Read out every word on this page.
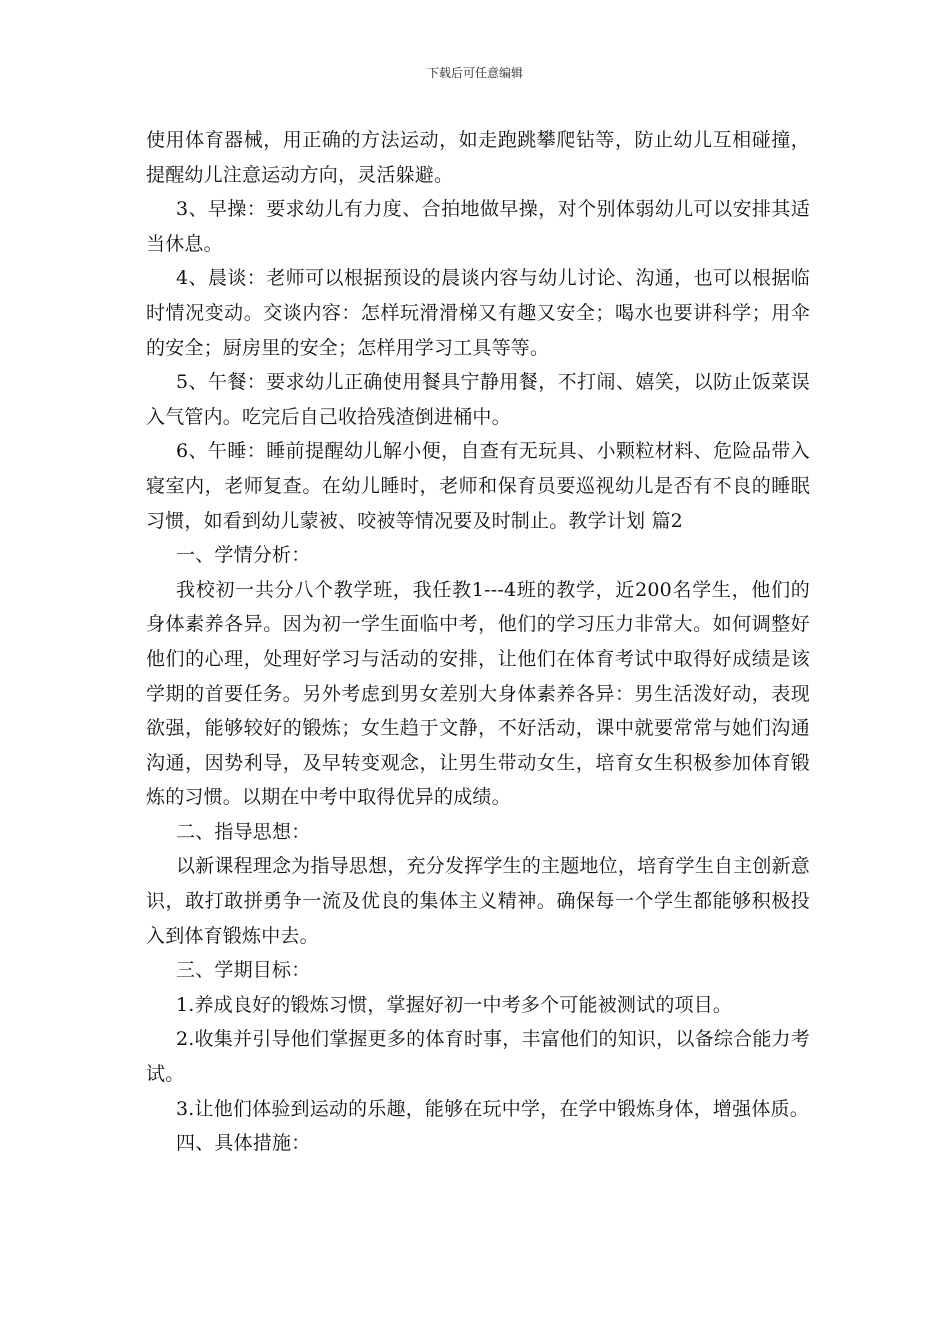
下载后可任意编辑

使用体育器械，用正确的方法运动，如走跑跳攀爬钻等，防止幼儿互相碰撞，提醒幼儿注意运动方向，灵活躲避。

3、早操：要求幼儿有力度、合拍地做早操，对个别体弱幼儿可以安排其适当休息。

4、晨谈：老师可以根据预设的晨谈内容与幼儿讨论、沟通，也可以根据临时情况变动。交谈内容：怎样玩滑滑梯又有趣又安全；喝水也要讲科学；用伞的安全；厨房里的安全；怎样用学习工具等等。

5、午餐：要求幼儿正确使用餐具宁静用餐，不打闹、嬉笑，以防止饭菜误入气管内。吃完后自己收拾残渣倒进桶中。

6、午睡：睡前提醒幼儿解小便，自查有无玩具、小颗粒材料、危险品带入寝室内，老师复查。在幼儿睡时，老师和保育员要巡视幼儿是否有不良的睡眠习惯，如看到幼儿蒙被、咬被等情况要及时制止。教学计划 篇2

一、学情分析：

我校初一共分八个教学班，我任教1---4班的教学，近200名学生，他们的身体素养各异。因为初一学生面临中考，他们的学习压力非常大。如何调整好他们的心理，处理好学习与活动的安排，让他们在体育考试中取得好成绩是该学期的首要任务。另外考虑到男女差别大身体素养各异：男生活泼好动，表现欲强，能够较好的锻炼；女生趋于文静，不好活动，课中就要常常与她们沟通沟通，因势利导，及早转变观念，让男生带动女生，培育女生积极参加体育锻炼的习惯。以期在中考中取得优异的成绩。

二、指导思想：

以新课程理念为指导思想，充分发挥学生的主题地位，培育学生自主创新意识，敢打敢拼勇争一流及优良的集体主义精神。确保每一个学生都能够积极投入到体育锻炼中去。

三、学期目标：

1.养成良好的锻炼习惯，掌握好初一中考多个可能被测试的项目。

2.收集并引导他们掌握更多的体育时事，丰富他们的知识，以备综合能力考试。

3.让他们体验到运动的乐趣，能够在玩中学，在学中锻炼身体，增强体质。

四、具体措施：
